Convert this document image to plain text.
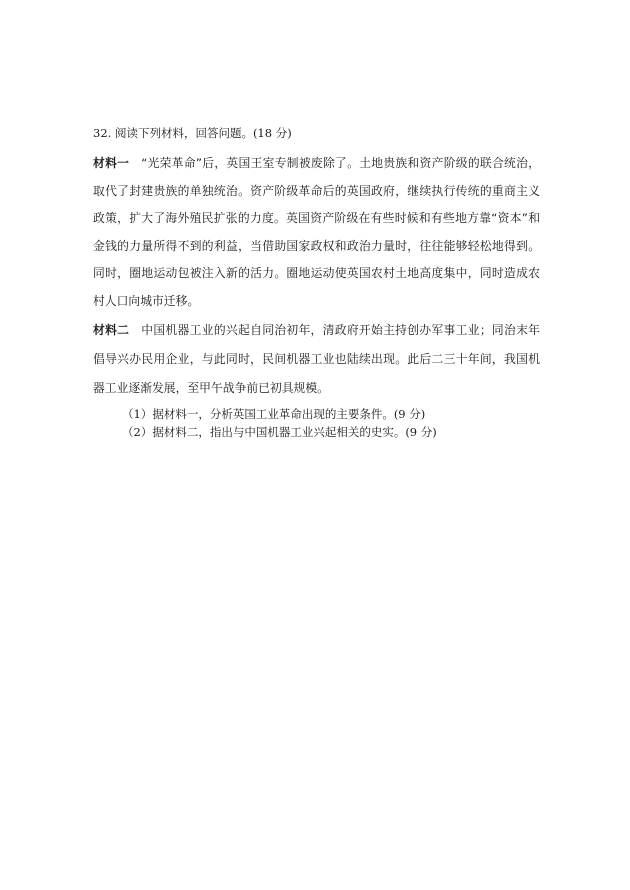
32. 阅读下列材料，回答问题。(18 分)
材料一 “光荣革命”后，英国王室专制被废除了。土地贵族和资产阶级的联合统治，取代了封建贵族的单独统治。资产阶级革命后的英国政府，继续执行传统的重商主义政策，扩大了海外殖民扩张的力度。英国资产阶级在有些时候和有些地方靠“资本”和金钱的力量所得不到的利益，当借助国家政权和政治力量时，往往能够轻松地得到。同时，圈地运动包被注入新的活力。圈地运动使英国农村土地高度集中，同时造成农村人口向城市迁移。
材料二 中国机器工业的兴起自同治初年，清政府开始主持创办军事工业；同治末年倡导兴办民用企业，与此同时，民间机器工业也陆续出现。此后二三十年间，我国机器工业逐渐发展，至甲午战争前已初具规模。
（1）据材料一，分析英国工业革命出现的主要条件。(9 分)
（2）据材料二，指出与中国机器工业兴起相关的史实。(9 分)
